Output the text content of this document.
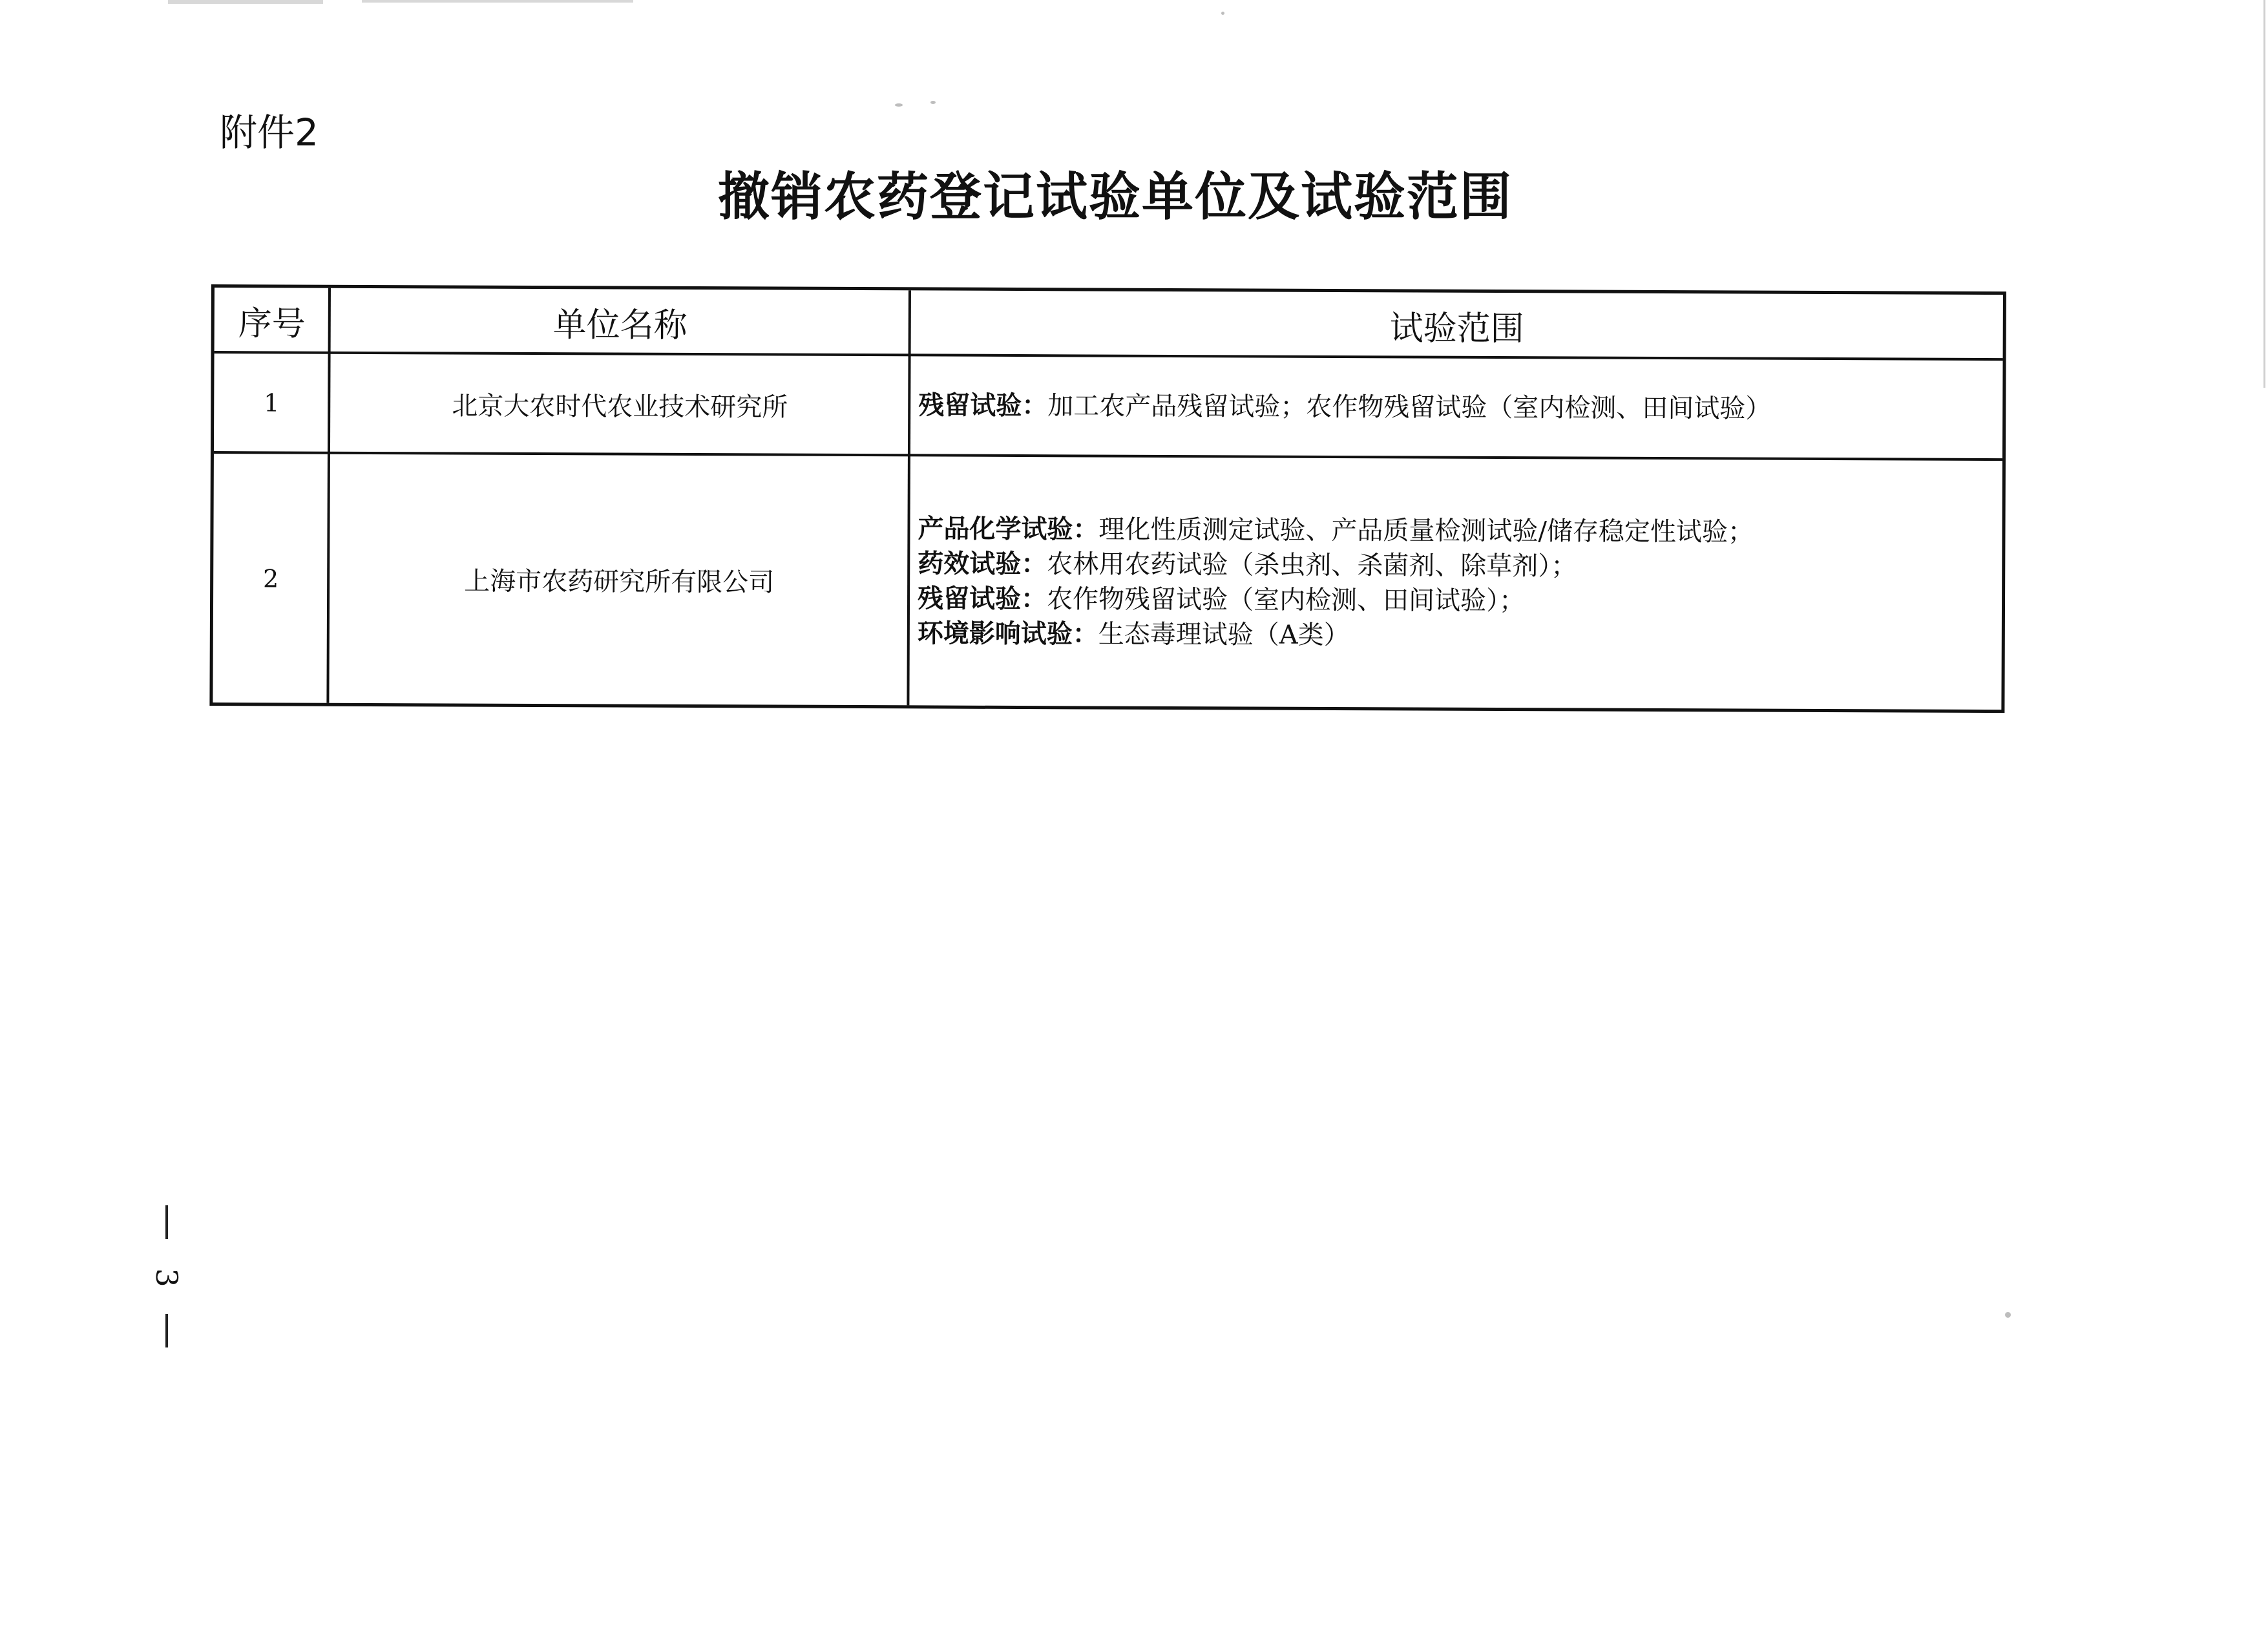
附件2
撤销农药登记试验单位及试验范围
序号	单位名称	试验范围
1	北京大农时代农业技术研究所	残留试验：加工农产品残留试验；农作物残留试验（室内检测、田间试验）
2	上海市农药研究所有限公司
产品化学试验：理化性质测定试验、产品质量检测试验/储存稳定性试验；
药效试验：农林用农药试验（杀虫剂、杀菌剂、除草剂）；
残留试验：农作物残留试验（室内检测、田间试验）；
环境影响试验：生态毒理试验（A类）
3
